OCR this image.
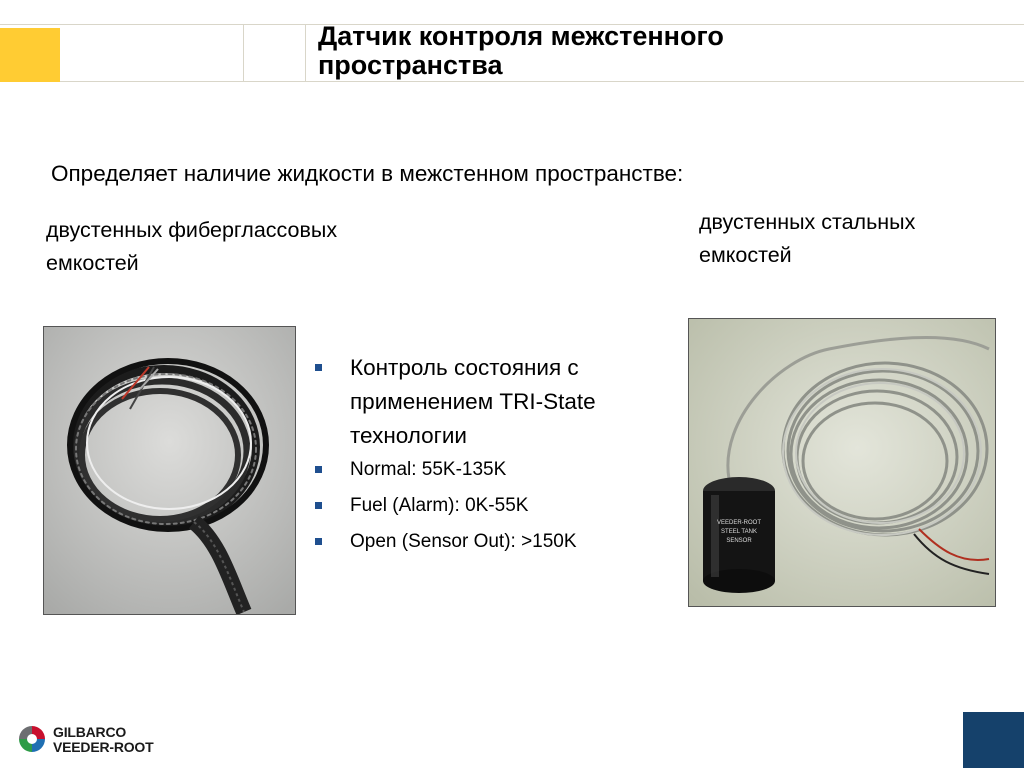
Датчик контроля межстенного
пространства
Определяет наличие жидкости в межстенном пространстве:
двустенных фиберглассовых
емкостей
двустенных стальных
емкостей
VEEDER-ROOT
STEEL TANK
SENSOR
Контроль состояния с
применением TRI-State
технологии
Normal: 55K-135K
Fuel (Alarm): 0K-55K
Open (Sensor Out): >150K
GILBARCO
VEEDER-ROOT
